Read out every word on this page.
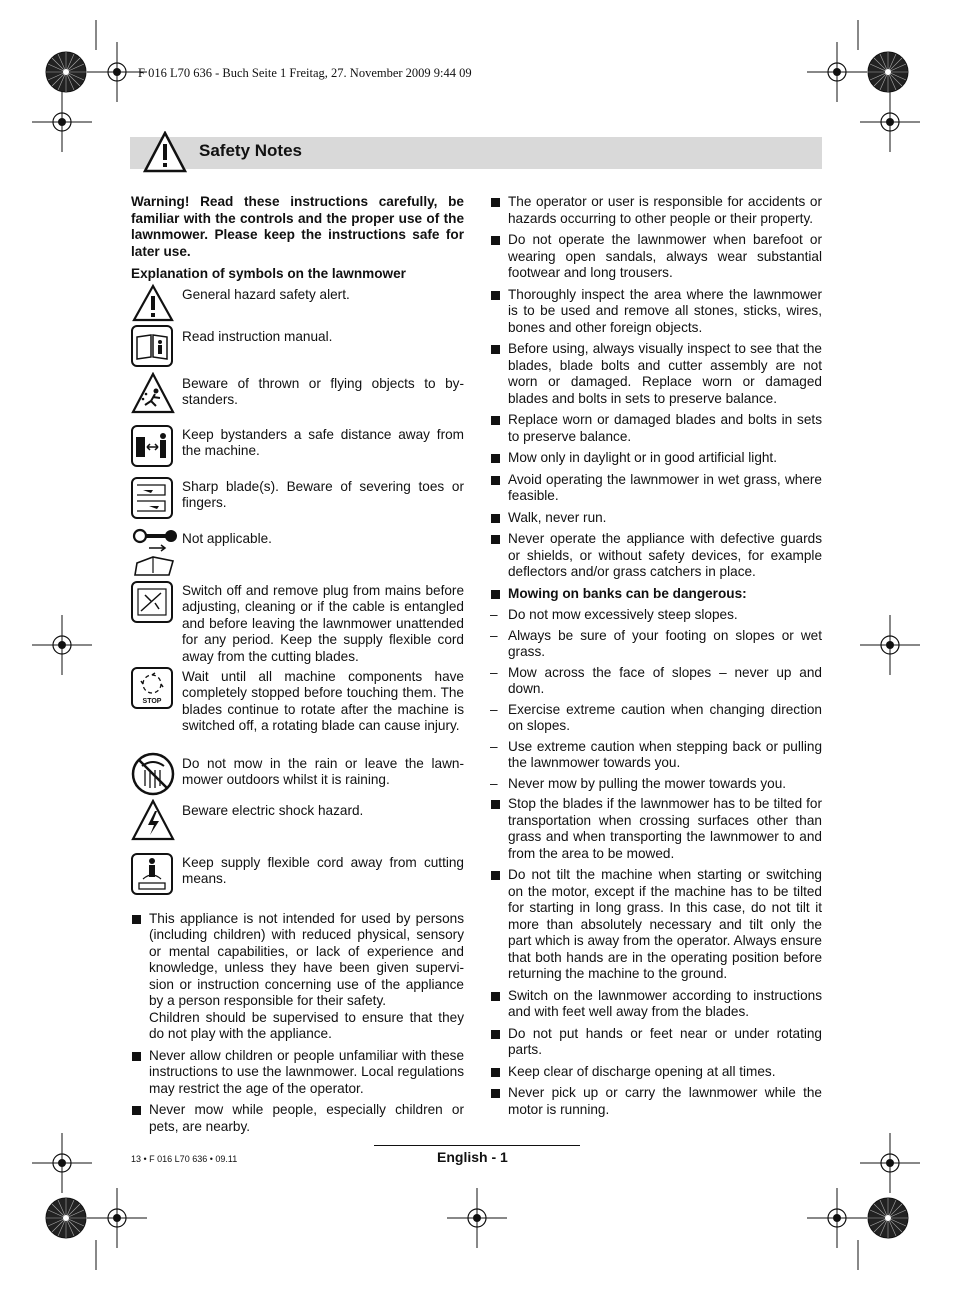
F 016 L70 636 - Buch Seite 1 Freitag, 27. November 2009 9:44 09
Safety Notes

Warning! Read these instructions carefully, be familiar with the controls and the proper use of the lawnmower. Please keep the instructions safe for later use.

Explanation of symbols on the lawnmower

General hazard safety alert.
Read instruction manual.
Beware of thrown or flying objects to bystanders.
Keep bystanders a safe distance away from the machine.
Sharp blade(s). Beware of severing toes or fingers.
Not applicable.
Switch off and remove plug from mains before adjusting, cleaning or if the cable is entangled and before leaving the lawnmower unattended for any period. Keep the supply flexible cord away from the cutting blades.
STOP
Wait until all machine components have completely stopped before touching them. The blades continue to rotate after the machine is switched off, a rotating blade can cause injury.
Do not mow in the rain or leave the lawnmower outdoors whilst it is raining.
Beware electric shock hazard.
Keep supply flexible cord away from cutting means.
This appliance is not intended for used by persons (including children) with reduced physical, sensory or mental capabilities, or lack of experience and knowledge, unless they have been given supervision or instruction concerning use of the appliance by a person responsible for their safety.
Children should be supervised to ensure that they do not play with the appliance.
Never allow children or people unfamiliar with these instructions to use the lawnmower. Local regulations may restrict the age of the operator.
Never mow while people, especially children or pets, are nearby.
The operator or user is responsible for accidents or hazards occurring to other people or their property.
Do not operate the lawnmower when barefoot or wearing open sandals, always wear substantial footwear and long trousers.
Thoroughly inspect the area where the lawnmower is to be used and remove all stones, sticks, wires, bones and other foreign objects.
Before using, always visually inspect to see that the blades, blade bolts and cutter assembly are not worn or damaged. Replace worn or damaged blades and bolts in sets to preserve balance.
Replace worn or damaged blades and bolts in sets to preserve balance.
Mow only in daylight or in good artificial light.
Avoid operating the lawnmower in wet grass, where feasible.
Walk, never run.
Never operate the appliance with defective guards or shields, or without safety devices, for example deflectors and/or grass catchers in place.
Mowing on banks can be dangerous:
– Do not mow excessively steep slopes.
– Always be sure of your footing on slopes or wet grass.
– Mow across the face of slopes – never up and down.
– Exercise extreme caution when changing direction on slopes.
– Use extreme caution when stepping back or pulling the lawnmower towards you.
– Never mow by pulling the mower towards you.
Stop the blades if the lawnmower has to be tilted for transportation when crossing surfaces other than grass and when transporting the lawnmower to and from the area to be mowed.
Do not tilt the machine when starting or switching on the motor, except if the machine has to be tilted for starting in long grass. In this case, do not tilt it more than absolutely necessary and tilt only the part which is away from the operator. Always ensure that both hands are in the operating position before returning the machine to the ground.
Switch on the lawnmower according to instructions and with feet well away from the blades.
Do not put hands or feet near or under rotating parts.
Keep clear of discharge opening at all times.
Never pick up or carry the lawnmower while the motor is running.
13 • F 016 L70 636 • 09.11	English - 1
